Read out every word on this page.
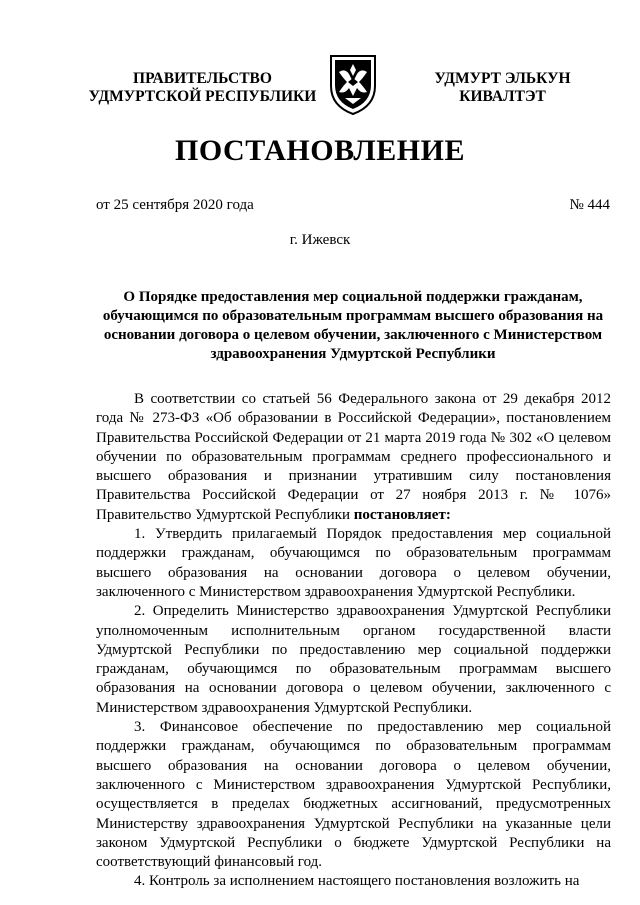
ПРАВИТЕЛЬСТВО
УДМУРТСКОЙ РЕСПУБЛИКИ
УДМУРТ ЭЛЬКУН
КИВАЛТЭТ
ПОСТАНОВЛЕНИЕ
от 25 сентября 2020 года	№ 444
г. Ижевск
О Порядке предоставления мер социальной поддержки гражданам, обучающимся по образовательным программам высшего образования на основании договора о целевом обучении, заключенного с Министерством здравоохранения Удмуртской Республики

В соответствии со статьей 56 Федерального закона от 29 декабря 2012 года № 273-ФЗ «Об образовании в Российской Федерации», постановлением Правительства Российской Федерации от 21 марта 2019 года № 302 «О целевом обучении по образовательным программам среднего профессионального и высшего образования и признании утратившим силу постановления Правительства Российской Федерации от 27 ноября 2013 г. № 1076» Правительство Удмуртской Республики постановляет:

1. Утвердить прилагаемый Порядок предоставления мер социальной поддержки гражданам, обучающимся по образовательным программам высшего образования на основании договора о целевом обучении, заключенного с Министерством здравоохранения Удмуртской Республики.

2. Определить Министерство здравоохранения Удмуртской Республики уполномоченным исполнительным органом государственной власти Удмуртской Республики по предоставлению мер социальной поддержки гражданам, обучающимся по образовательным программам высшего образования на основании договора о целевом обучении, заключенного с Министерством здравоохранения Удмуртской Республики.

3. Финансовое обеспечение по предоставлению мер социальной поддержки гражданам, обучающимся по образовательным программам высшего образования на основании договора о целевом обучении, заключенного с Министерством здравоохранения Удмуртской Республики, осуществляется в пределах бюджетных ассигнований, предусмотренных Министерству здравоохранения Удмуртской Республики на указанные цели законом Удмуртской Республики о бюджете Удмуртской Республики на соответствующий финансовый год.

4. Контроль за исполнением настоящего постановления возложить на
